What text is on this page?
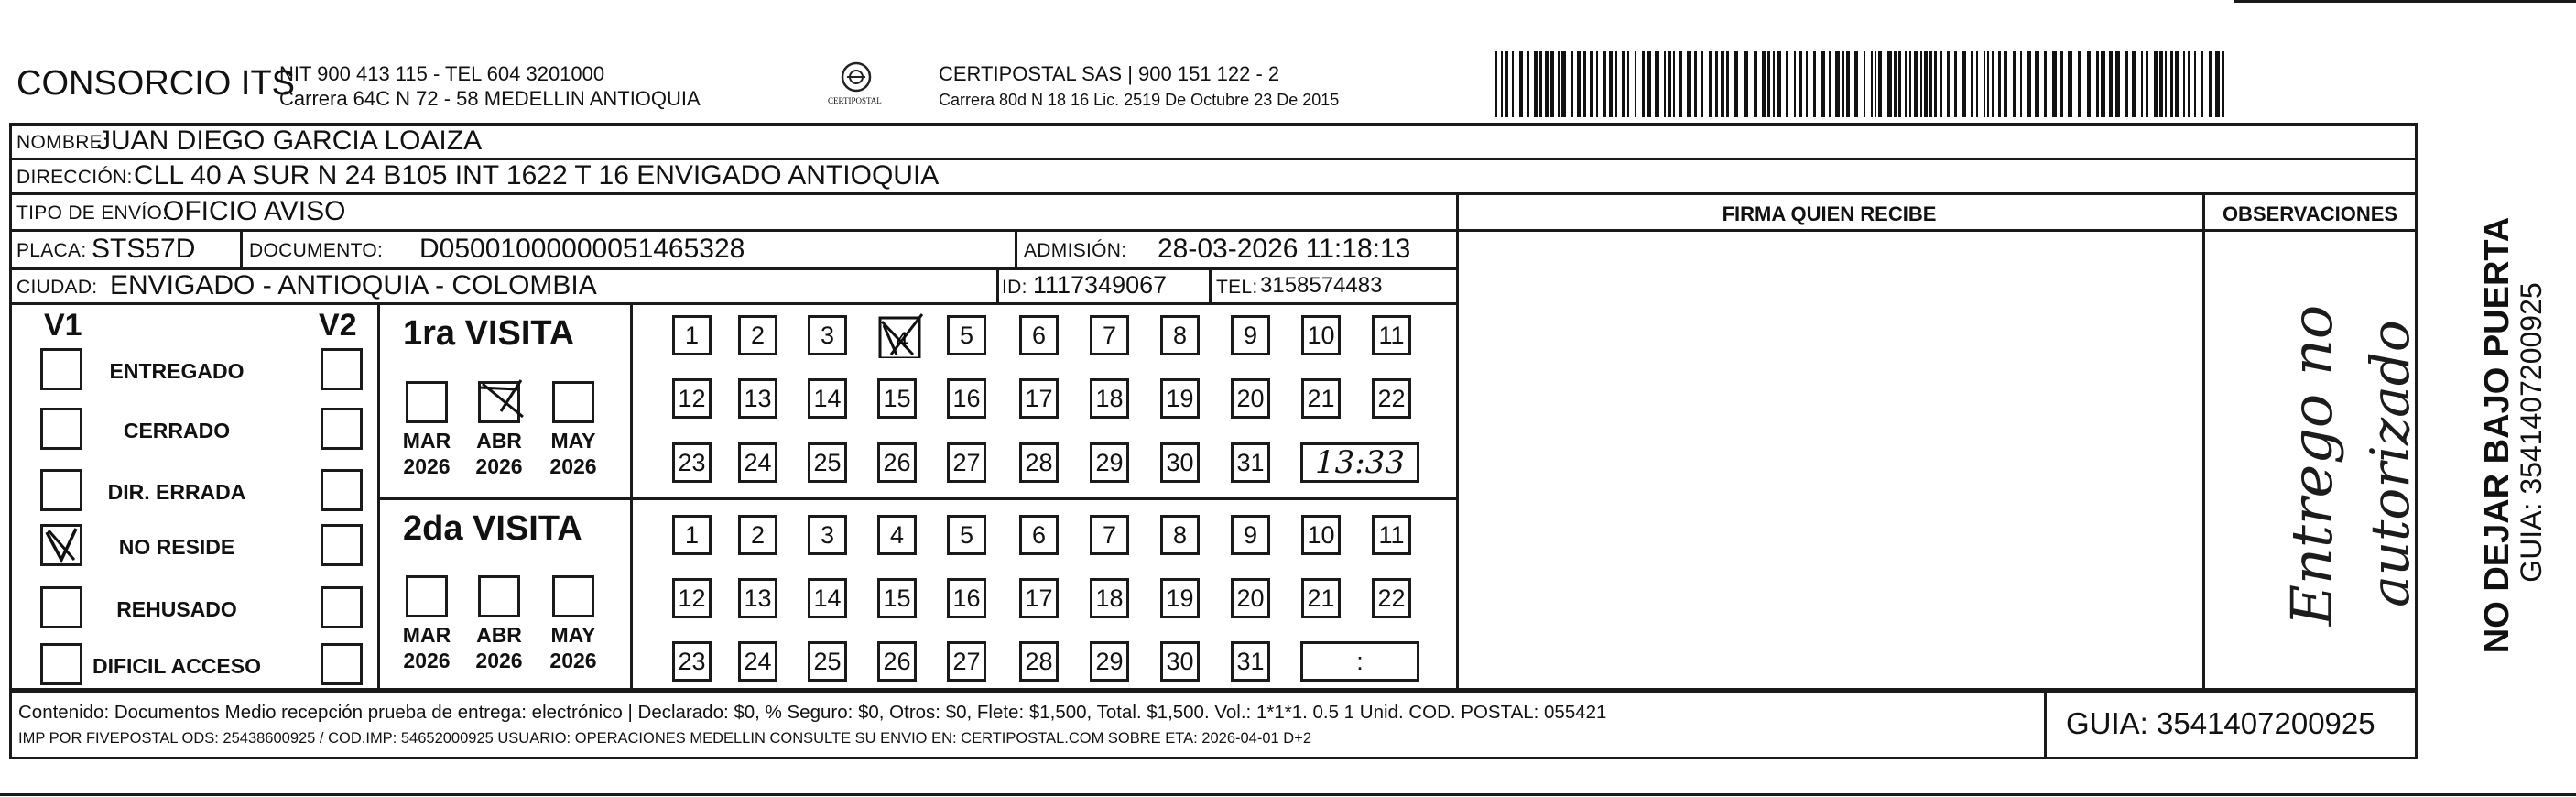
CONSORCIO ITS
NIT 900 413 115 - TEL 604 3201000
Carrera 64C N 72 - 58 MEDELLIN ANTIOQUIA	CERTIPOSTAL
CERTIPOSTAL SAS | 900 151 122 - 2
Carrera 80d N 18 16 Lic. 2519 De Octubre 23 De 2015
NOMBRE:
JUAN DIEGO GARCIA LOAIZA
DIRECCIÓN: CLL 40 A SUR N 24 B105 INT 1622 T 16 ENVIGADO ANTIOQUIA
TIPO DE ENVÍO:
OFICIO AVISO	FIRMA QUIEN RECIBE	OBSERVACIONES
PLACA: STS57D	DOCUMENTO: D05001000000051465328	ADMISIÓN: 28-03-2026 11:18:13
CIUDAD: ENVIGADO - ANTIOQUIA - COLOMBIA	ID: 1117349067	TEL: 3158574483
V1	V2
ENTREGADO
CERRADO
DIR. ERRADA
NO RESIDE
REHUSADO
DIFICIL ACCESO
1ra VISITA
2da VISITA
MAR
2026
ABR
2026
MAY
2026
MAR
2026
ABR
2026
MAY
2026
1	2	3	4	5	6	7	8	9	10 11
12 13 14 15 16 17 18 19 20 21 22
23 24 25 26 27 28 29 30 31	13:33
1	2	3	4	5	6	7	8	9	10 11
12 13 14 15 16 17 18 19 20 21 22
23 24 25 26 27 28 29 30 31	:
Entrego no autorizado
Contenido: Documentos Medio recepción prueba de entrega: electrónico | Declarado: $0, % Seguro: $0, Otros: $0, Flete: $1,500, Total. $1,500. Vol.: 1*1*1. 0.5 1 Unid. COD. POSTAL: 055421
IMP POR FIVEPOSTAL ODS: 25438600925 / COD.IMP: 54652000925 USUARIO: OPERACIONES MEDELLIN CONSULTE SU ENVIO EN: CERTIPOSTAL.COM SOBRE ETA: 2026-04-01 D+2	GUIA: 3541407200925
NO DEJAR BAJO PUERTA
GUIA: 3541407200925
